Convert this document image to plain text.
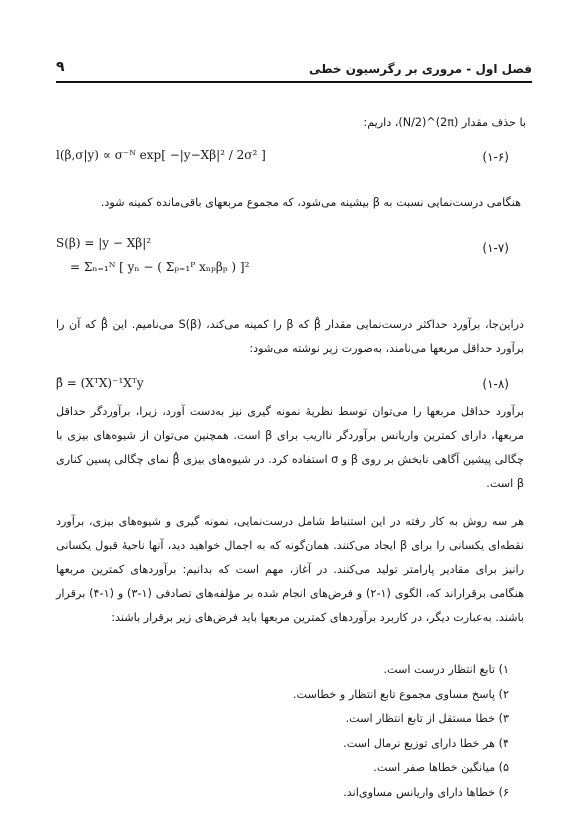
فصل اول - مروری بر رگرسیون خطی
۹
با حذف مقدار (2π)^(N/2)، داریم:
l(β,σ|y) ∝ σ⁻ᴺ exp[ −|y−Xβ|² / 2σ² ]	(۱-۶)
هنگامی درست‌نمایی نسبت به β بیشینه می‌شود، که مجموع مربعهای باقی‌مانده کمینه شود.
S(β) = |y − Xβ|²
= Σₙ₌₁ᴺ [ yₙ − ( Σₚ₌₁ᴾ xₙₚβₚ ) ]²
(۱-۷)
دراین‌جا، برآورد حداکثر درست‌نمایی مقدار β̂ که β را کمینه می‌کند، (S(β می‌نامیم. این β̂ که آن را برآورد حداقل مربعها می‌نامند، به‌صورت زیر نوشته می‌شود:
β̂ = (XᵀX)⁻¹Xᵀy	(۱-۸)
برآورد حداقل مربعها را می‌توان توسط نظریهٔ نمونه گیری نیز به‌دست آورد، زیرا، برآوردگر حداقل مربعها، دارای کمترین واریانس برآوردگر نااریب برای β است. همچنین می‌توان از شیوه‌های بیزی با چگالی پیشین آگاهی نابخش بر روی β و σ استفاده کرد. در شیوه‌های بیزی β̂ نمای چگالی پسین کناری β است.
هر سه روش به کار رفته در این استنباط شامل درست‌نمایی، نمونه گیری و شیوه‌های بیزی، برآورد نقطه‌ای یکسانی را برای β ایجاد می‌کنند. همان‌گونه که به اجمال خواهید دید، آنها ناحیهٔ قبول یکسانی رانیز برای مقادیر پارامتر تولید می‌کنند. در آغاز، مهم است که بدانیم: برآوردهای کمترین مربعها هنگامی برقراراند که، الگوی (۱-۲) و فرض‌های انجام شده بر مؤلفه‌های تصادفی (۱-۳) و (۱-۴) برقرار باشند. به‌عبارت دیگر، در کاربرد برآوردهای کمترین مربعها باید فرض‌های زیر برقرار باشند:
۱) تابع انتظار درست است.
۲) پاسخ مساوی مجموع تابع انتظار و خطاست.
۳) خطا مستقل از تابع انتظار است.
۴) هر خطا دارای توزیع نرمال است.
۵) میانگین خطاها صفر است.
۶) خطاها دارای واریانس مساوی‌اند.
